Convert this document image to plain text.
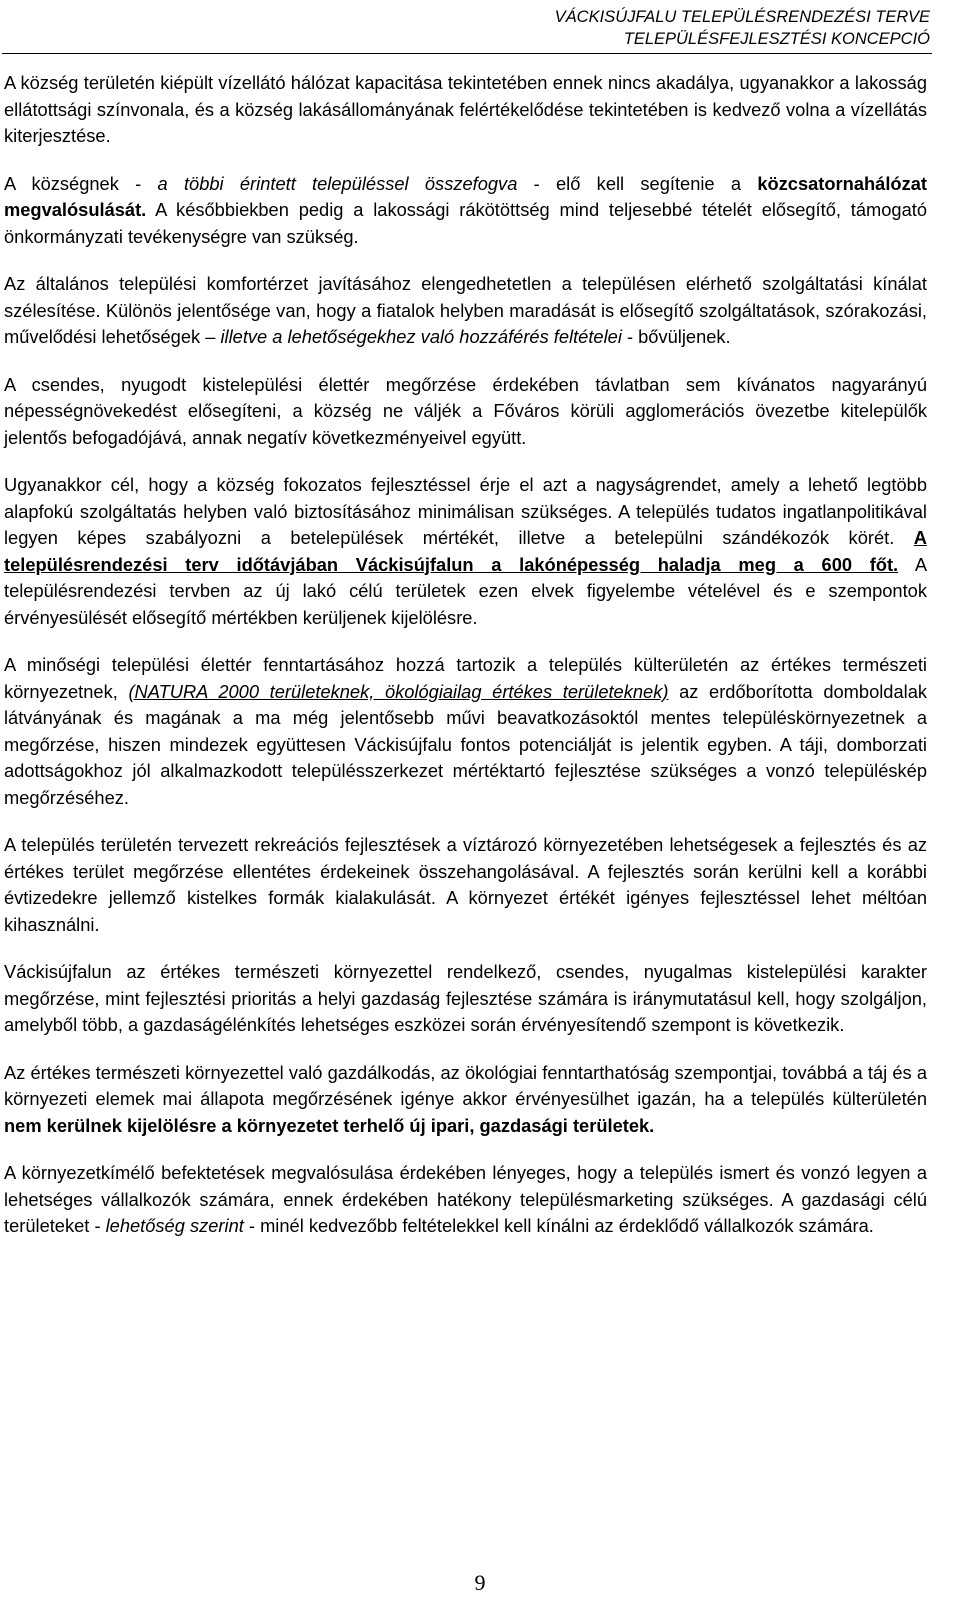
VÁCKISÚJFALU TELEPÜLÉSRENDEZÉSI TERVE
TELEPÜLÉSFEJLESZTÉSI KONCEPCIÓ

A község területén kiépült vízellátó hálózat kapacitása tekintetében ennek nincs akadálya, ugyanakkor a lakosság ellátottsági színvonala, és a község lakásállományának felértékelődése tekintetében is kedvező volna a vízellátás kiterjesztése.

A községnek - a többi érintett településsel összefogva - elő kell segítenie a közcsatornahálózat megvalósulását. A későbbiekben pedig a lakossági rákötöttség mind teljesebbé tételét elősegítő, támogató önkormányzati tevékenységre van szükség.

Az általános települési komfortérzet javításához elengedhetetlen a településen elérhető szolgáltatási kínálat szélesítése. Különös jelentősége van, hogy a fiatalok helyben maradását is elősegítő szolgáltatások, szórakozási, művelődési lehetőségek – illetve a lehetőségekhez való hozzáférés feltételei - bővüljenek.

A csendes, nyugodt kistelepülési élettér megőrzése érdekében távlatban sem kívánatos nagyarányú népességnövekedést elősegíteni, a község ne váljék a Főváros körüli agglomerációs övezetbe kitelepülők jelentős befogadójává, annak negatív következményeivel együtt.

Ugyanakkor cél, hogy a község fokozatos fejlesztéssel érje el azt a nagyságrendet, amely a lehető legtöbb alapfokú szolgáltatás helyben való biztosításához minimálisan szükséges. A település tudatos ingatlanpolitikával legyen képes szabályozni a betelepülések mértékét, illetve a betelepülni szándékozók körét. A településrendezési terv időtávjában Váckisújfalun a lakónépesség haladja meg a 600 főt. A településrendezési tervben az új lakó célú területek ezen elvek figyelembe vételével és e szempontok érvényesülését elősegítő mértékben kerüljenek kijelölésre.

A minőségi települési élettér fenntartásához hozzá tartozik a település külterületén az értékes természeti környezetnek, (NATURA 2000 területeknek, ökológiailag értékes területeknek) az erdőborította domboldalak látványának és magának a ma még jelentősebb művi beavatkozásoktól mentes településkörnyezetnek a megőrzése, hiszen mindezek együttesen Váckisújfalu fontos potenciálját is jelentik egyben. A táji, domborzati adottságokhoz jól alkalmazkodott településszerkezet mértéktartó fejlesztése szükséges a vonzó településkép megőrzéséhez.

A település területén tervezett rekreációs fejlesztések a víztározó környezetében lehetségesek a fejlesztés és az értékes terület megőrzése ellentétes érdekeinek összehangolásával. A fejlesztés során kerülni kell a korábbi évtizedekre jellemző kistelkes formák kialakulását. A környezet értékét igényes fejlesztéssel lehet méltóan kihasználni.

Váckisújfalun az értékes természeti környezettel rendelkező, csendes, nyugalmas kistelepülési karakter megőrzése, mint fejlesztési prioritás a helyi gazdaság fejlesztése számára is iránymutatásul kell, hogy szolgáljon, amelyből több, a gazdaságélénkítés lehetséges eszközei során érvényesítendő szempont is következik.

Az értékes természeti környezettel való gazdálkodás, az ökológiai fenntarthatóság szempontjai, továbbá a táj és a környezeti elemek mai állapota megőrzésének igénye akkor érvényesülhet igazán, ha a település külterületén nem kerülnek kijelölésre a környezetet terhelő új ipari, gazdasági területek.

A környezetkímélő befektetések megvalósulása érdekében lényeges, hogy a település ismert és vonzó legyen a lehetséges vállalkozók számára, ennek érdekében hatékony településmarketing szükséges. A gazdasági célú területeket - lehetőség szerint - minél kedvezőbb feltételekkel kell kínálni az érdeklődő vállalkozók számára.

9
